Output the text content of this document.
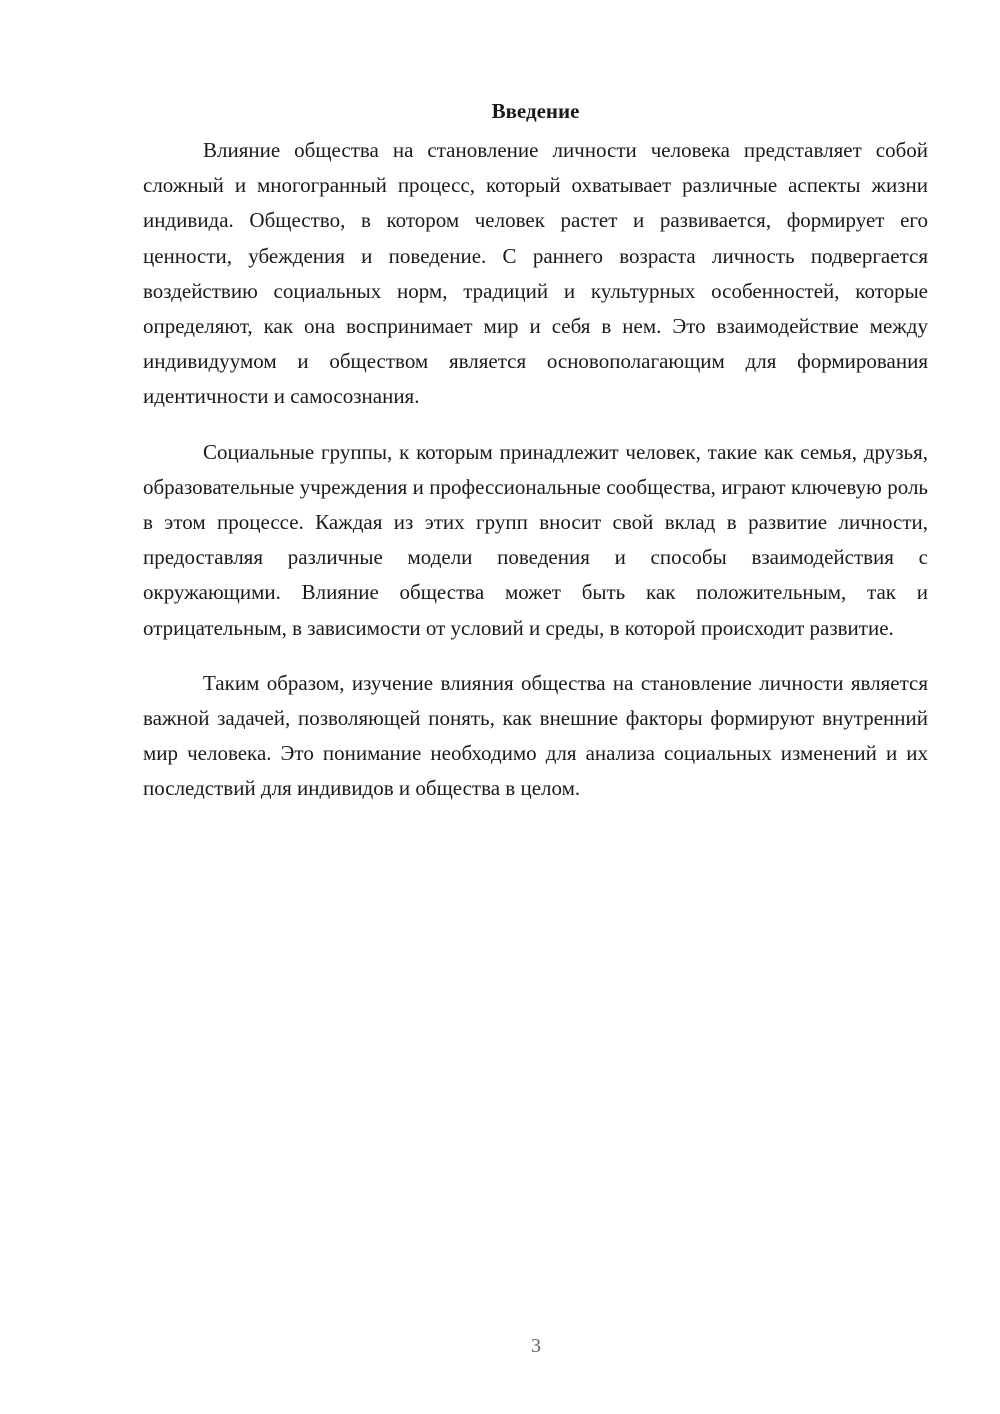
Введение

Влияние общества на становление личности человека представляет собой сложный и многогранный процесс, который охватывает различные аспекты жизни индивида. Общество, в котором человек растет и развивается, формирует его ценности, убеждения и поведение. С раннего возраста личность подвергается воздействию социальных норм, традиций и культурных особенностей, которые определяют, как она воспринимает мир и себя в нем. Это взаимодействие между индивидуумом и обществом является основополагающим для формирования идентичности и самосознания.

Социальные группы, к которым принадлежит человек, такие как семья, друзья, образовательные учреждения и профессиональные сообщества, играют ключевую роль в этом процессе. Каждая из этих групп вносит свой вклад в развитие личности, предоставляя различные модели поведения и способы взаимодействия с окружающими. Влияние общества может быть как положительным, так и отрицательным, в зависимости от условий и среды, в которой происходит развитие.

Таким образом, изучение влияния общества на становление личности является важной задачей, позволяющей понять, как внешние факторы формируют внутренний мир человека. Это понимание необходимо для анализа социальных изменений и их последствий для индивидов и общества в целом.

3
